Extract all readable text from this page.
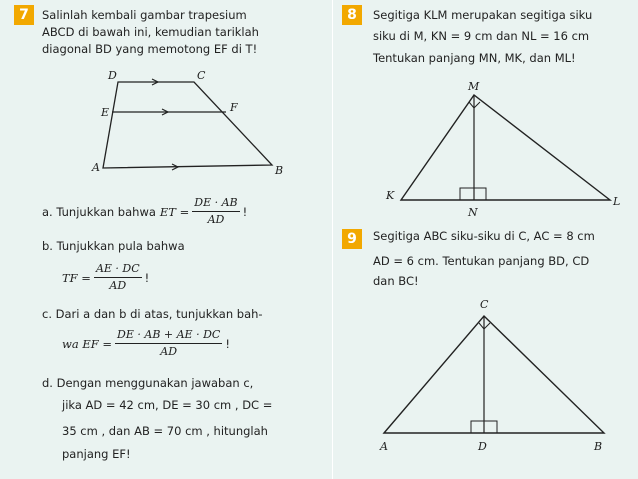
7	Salinlah kembali gambar trapesium
ABCD di bawah ini, kemudian tariklah
diagonal BD yang memotong EF di T!
D	C
E	F
A	B
a. Tunjukkan bahwa ET = $\frac{DE \cdot AB}{AD}$ !
b. Tunjukkan pula bahwa
TF = $\frac{AE \cdot DC}{AD}$ !
c. Dari a dan b di atas, tunjukkan bah-
wa EF = $\frac{DE \cdot AB + AE \cdot DC}{AD}$ !
d. Dengan menggunakan jawaban c,
jika AD = 42 cm, DE = 30 cm , DC =
35 cm , dan AB = 70 cm , hitunglah
panjang EF!
8	Segitiga KLM merupakan segitiga siku
siku di M, KN = 9 cm dan NL = 16 cm
Tentukan panjang MN, MK, dan ML!
M
K
N
L
9	Segitiga ABC siku-siku di C, AC = 8 cm
AD = 6 cm. Tentukan panjang BD, CD
dan BC!
C
A	D	B
